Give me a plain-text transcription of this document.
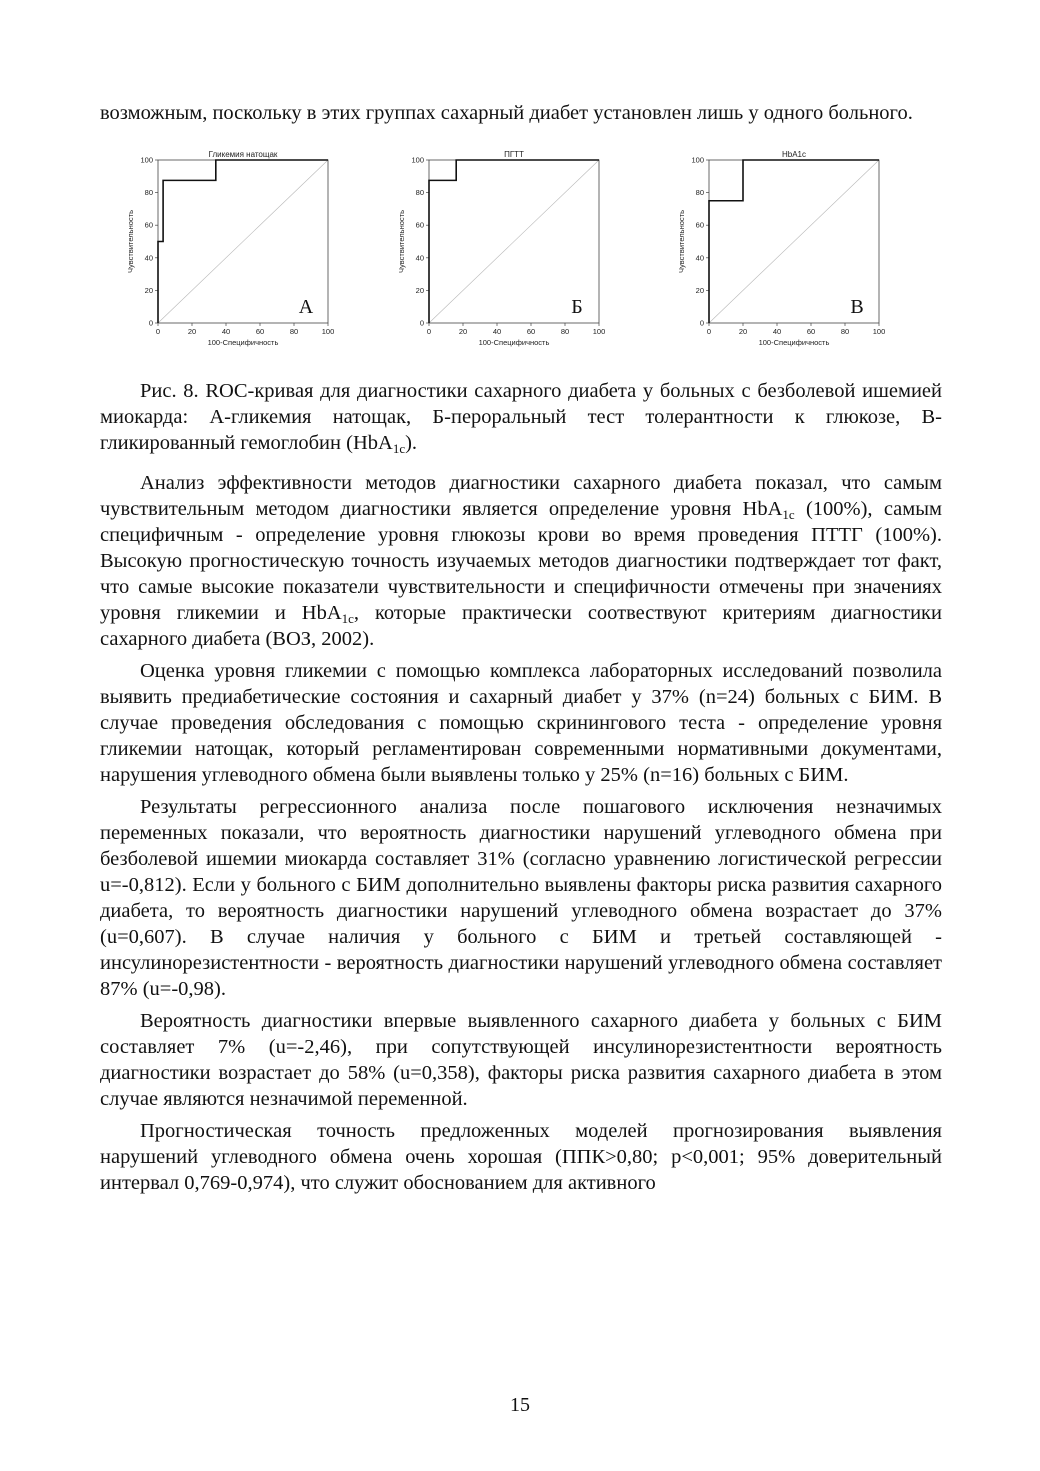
возможным, поскольку в этих группах сахарный диабет установлен лишь у одного больного.

Гликемия натощак
0
0
20
20
40
40
60
60
80
80
100
100
100-Специфичность
Чувствительность
А
ПГТТ
0
0
20
20
40
40
60
60
80
80
100
100
100-Специфичность
Чувствительность
Б
HbA1c
0
0
20
20
40
40
60
60
80
80
100
100
100-Специфичность
Чувствительность
В

Рис. 8. ROC-кривая для диагностики сахарного диабета у больных с безболевой ишемией миокарда: А-гликемия натощак, Б-пероральный тест толерантности к глюкозе, В-гликированный гемоглобин (HbA$_{1c}$).

Анализ эффективности методов диагностики сахарного диабета показал, что самым чувствительным методом диагностики является определение уровня HbA$_{1c}$ (100%), самым специфичным - определение уровня глюкозы крови во время проведения ПТТГ (100%). Высокую прогностическую точность изучаемых методов диагностики подтверждает тот факт, что самые высокие показатели чувствительности и специфичности отмечены при значениях уровня гликемии и HbA$_{1c}$, которые практически соотвествуют критериям диагностики сахарного диабета (ВОЗ, 2002).

Оценка уровня гликемии с помощью комплекса лабораторных исследований позволила выявить предиабетические состояния и сахарный диабет у 37% (n=24) больных с БИМ. В случае проведения обследования с помощью скринингового теста - определение уровня гликемии натощак, который регламентирован современными нормативными документами, нарушения углеводного обмена были выявлены только у 25% (n=16) больных с БИМ.

Результаты регрессионного анализа после пошагового исключения незначимых переменных показали, что вероятность диагностики нарушений углеводного обмена при безболевой ишемии миокарда составляет 31% (согласно уравнению логистической регрессии u=-0,812). Если у больного с БИМ дополнительно выявлены факторы риска развития сахарного диабета, то вероятность диагностики нарушений углеводного обмена возрастает до 37% (u=0,607). В случае наличия у больного с БИМ и третьей составляющей - инсулинорезистентности - вероятность диагностики нарушений углеводного обмена составляет 87% (u=-0,98).

Вероятность диагностики впервые выявленного сахарного диабета у больных с БИМ составляет 7% (u=-2,46), при сопутствующей инсулинорезистентности вероятность диагностики возрастает до 58% (u=0,358), факторы риска развития сахарного диабета в этом случае являются незначимой переменной.

Прогностическая точность предложенных моделей прогнозирования выявления нарушений углеводного обмена очень хорошая (ППК>0,80; p<0,001; 95% доверительный интервал 0,769-0,974), что служит обоснованием для активного

15
